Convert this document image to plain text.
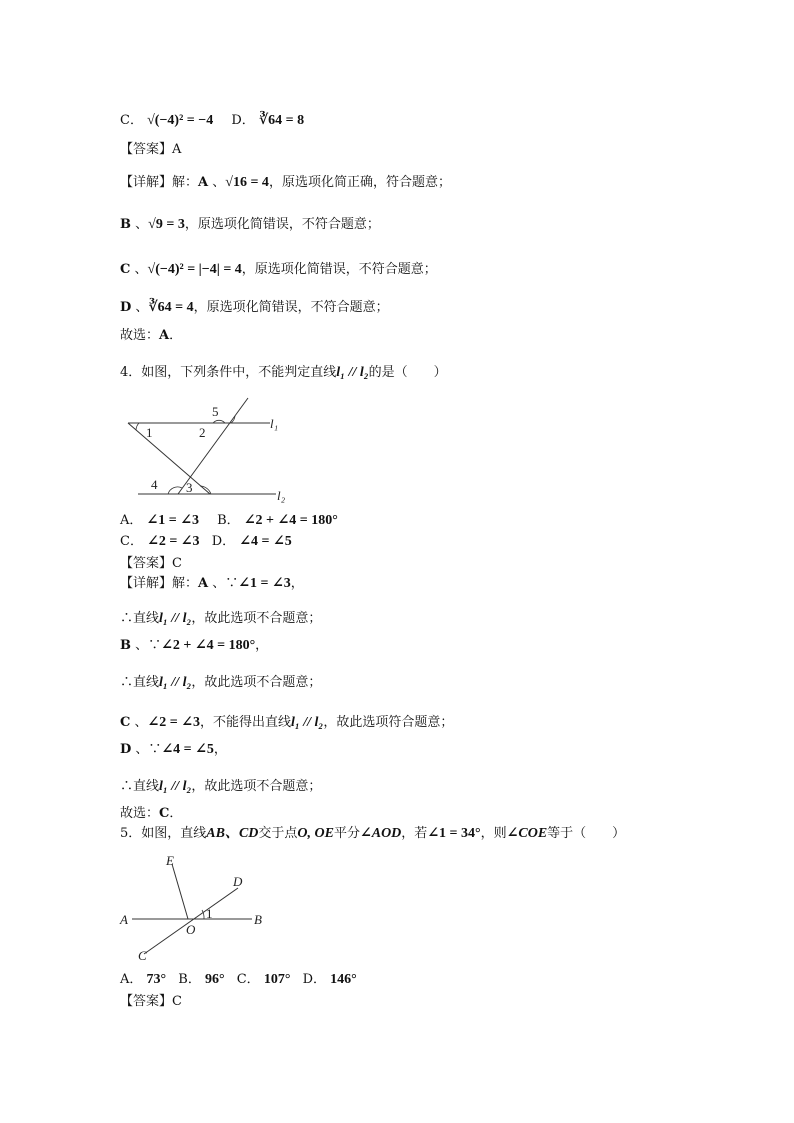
C． √(−4)² = −4 D． ∛64 = 8
【答案】A
【详解】解：A 、√16 = 4，原选项化简正确，符合题意；
B 、√9 = 3，原选项化简错误，不符合题意；
C 、√(−4)² = |−4| = 4，原选项化简错误，不符合题意；
D 、∛64 = 4，原选项化简错误，不符合题意；
故选：A．
4．如图，下列条件中，不能判定直线l₁ // l₂的是（　　）
1	2
3
4
5
l₁
l₂
A． ∠1 = ∠3 B． ∠2 + ∠4 = 180°
C． ∠2 = ∠3 D． ∠4 = ∠5
【答案】C
【详解】解：A 、∵∠1 = ∠3，
∴直线l₁ // l₂，故此选项不合题意；
B 、∵∠2 + ∠4 = 180°，
∴直线l₁ // l₂，故此选项不合题意；
C 、∠2 = ∠3，不能得出直线l₁ // l₂，故此选项符合题意；
D 、∵∠4 = ∠5，
∴直线l₁ // l₂，故此选项不合题意；
故选：C．
5．如图，直线AB、CD交于点O, OE平分∠AOD，若∠1 = 34°，则∠COE等于（　　）
E
D
A	B
O
C
1
A． 73° B． 96° C． 107° D． 146°
【答案】C
